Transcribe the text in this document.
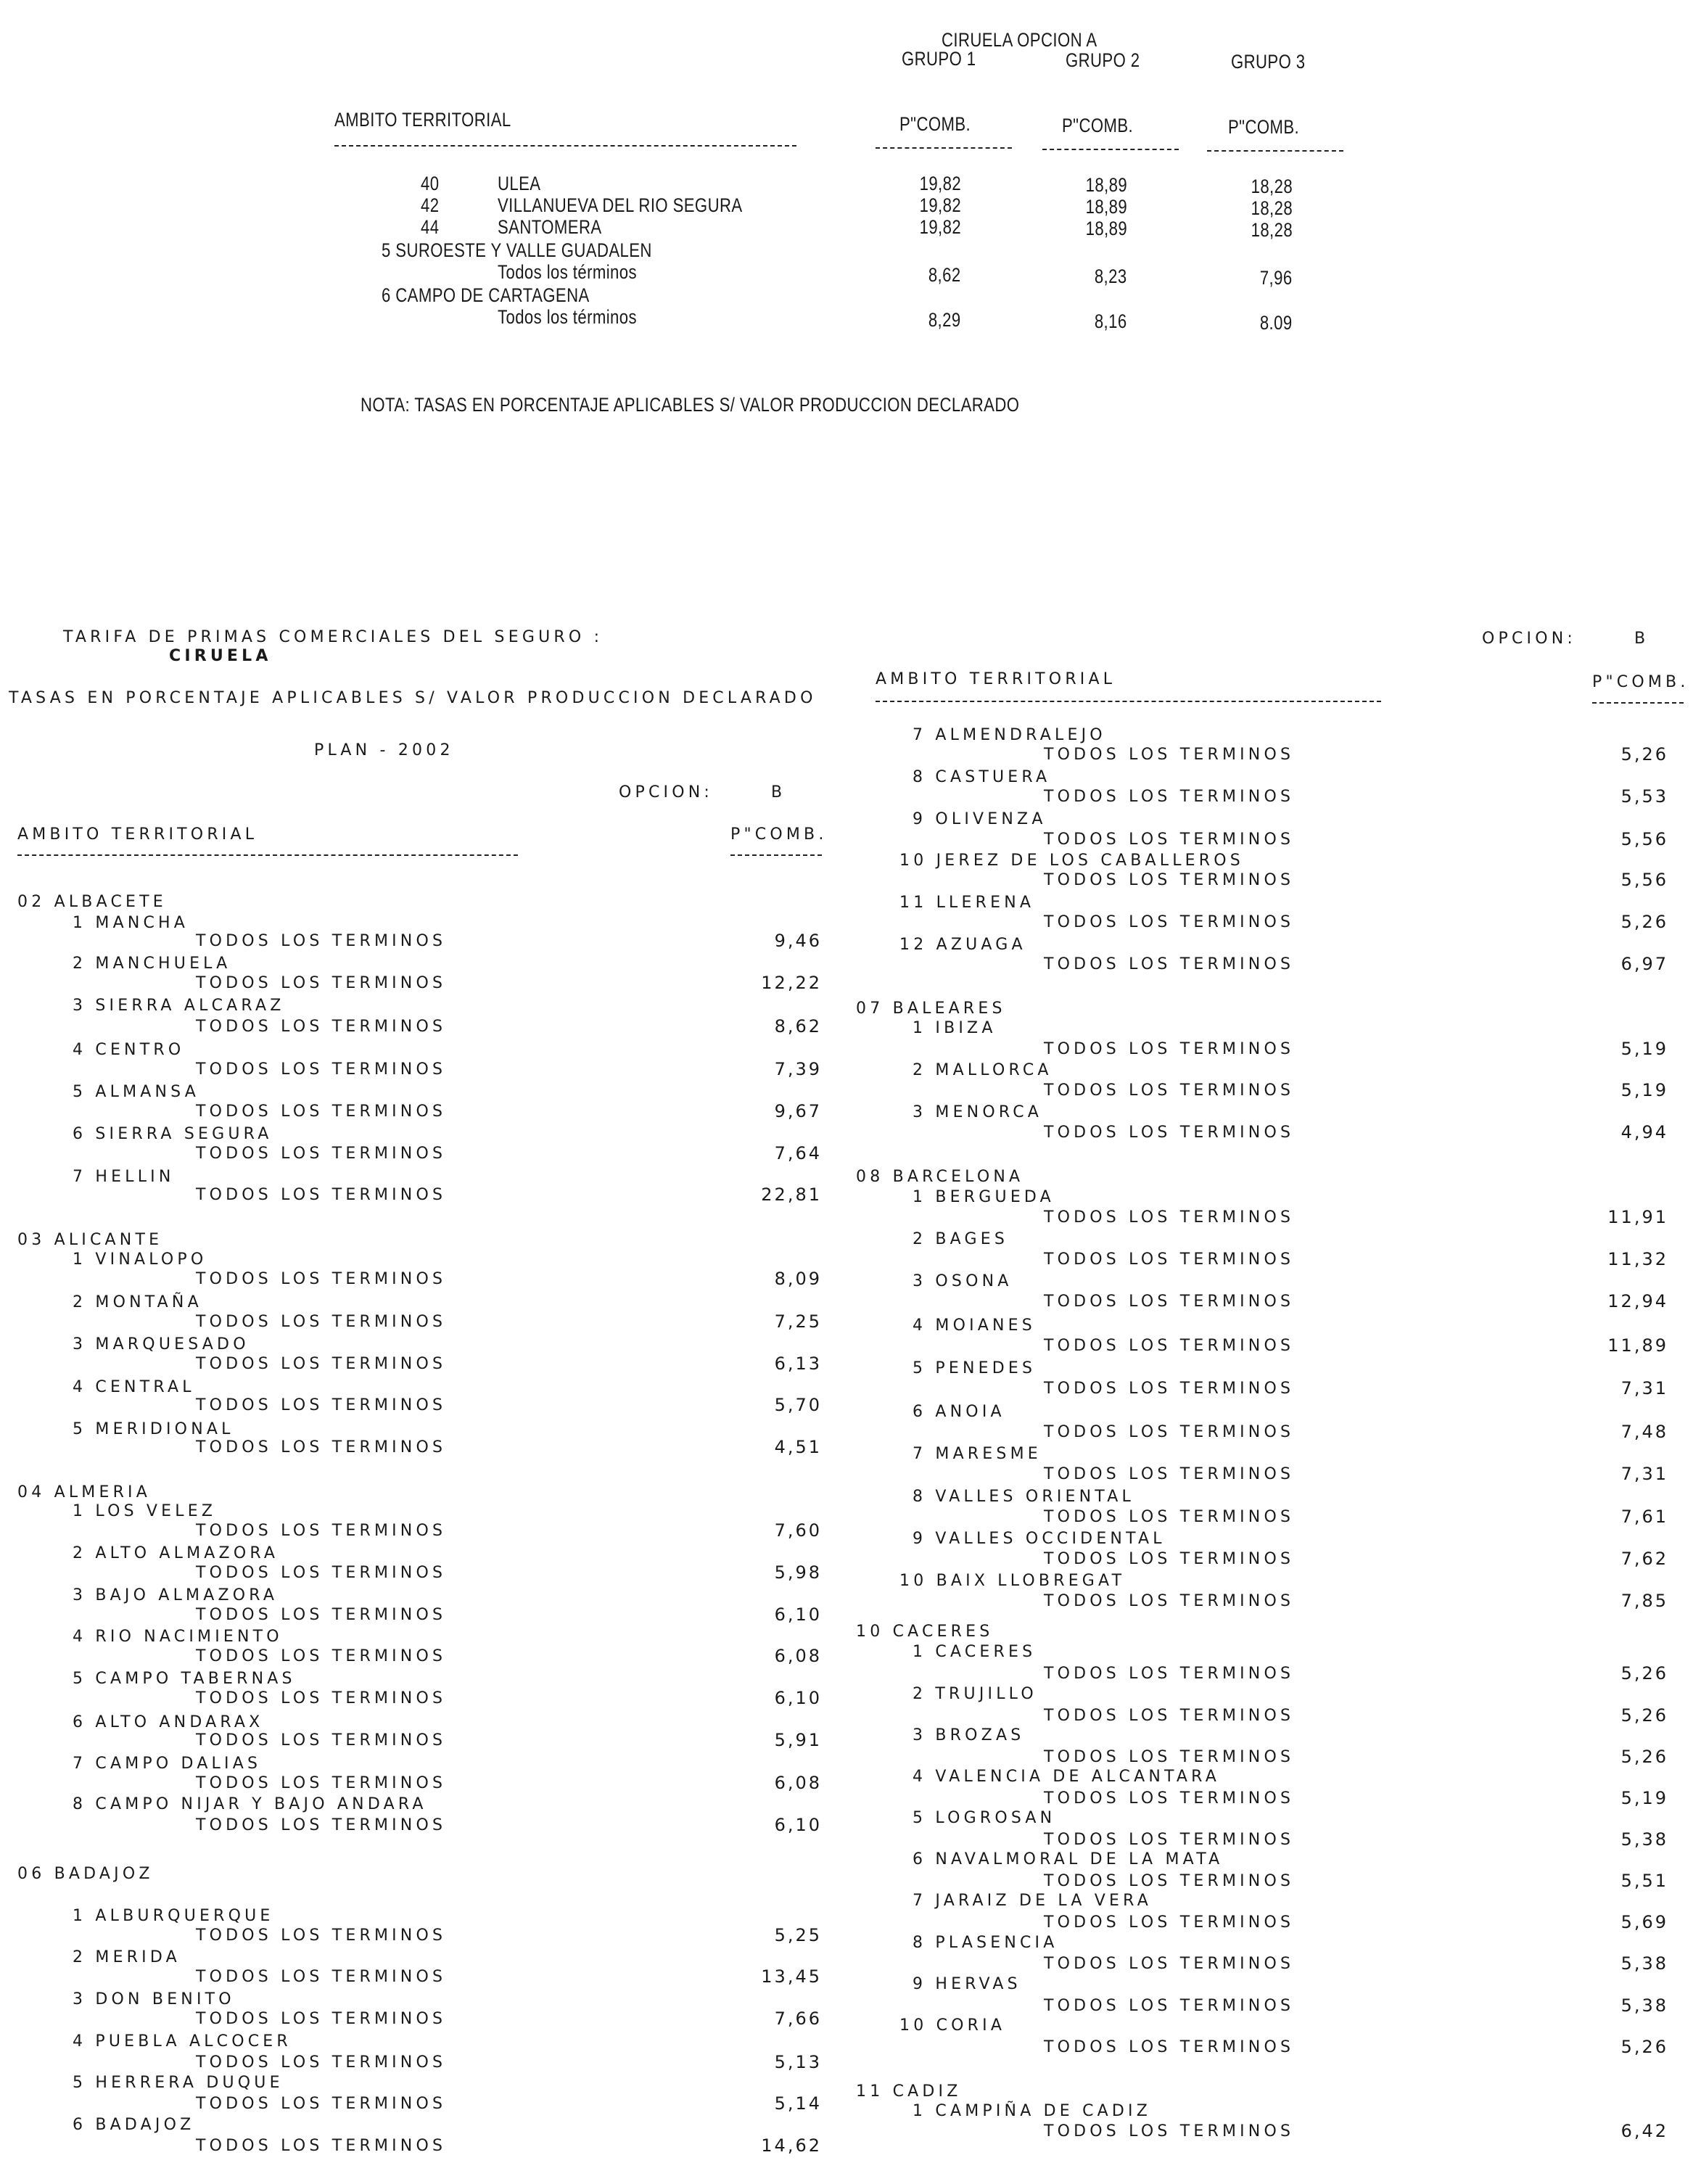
CIRUELA OPCION A
GRUPO 1	GRUPO 2	GRUPO 3
AMBITO TERRITORIAL	P"COMB.	P"COMB.	P"COMB.
40	ULEA	19,82	18,89	18,28
42	VILLANUEVA DEL RIO SEGURA	19,82	18,89	18,28
44	SANTOMERA	19,82	18,89	18,28
5 SUROESTE Y VALLE GUADALEN
Todos los términos	8,62	8,23	7,96
6 CAMPO DE CARTAGENA
Todos los términos	8,29	8,16	8.09
NOTA: TASAS EN PORCENTAJE APLICABLES S/ VALOR PRODUCCION DECLARADO
TARIFA DE PRIMAS COMERCIALES DEL SEGURO :
CIRUELA
TASAS EN PORCENTAJE APLICABLES S/ VALOR PRODUCCION DECLARADO
PLAN - 2002
OPCION:	B
AMBITO TERRITORIAL	P"COMB.
OPCION:	B
AMBITO TERRITORIAL	P"COMB.
02 ALBACETE
1 MANCHA
TODOS LOS TERMINOS	9,46
2 MANCHUELA
TODOS LOS TERMINOS	12,22
3 SIERRA ALCARAZ
TODOS LOS TERMINOS	8,62
4 CENTRO
TODOS LOS TERMINOS	7,39
5 ALMANSA
TODOS LOS TERMINOS	9,67
6 SIERRA SEGURA
TODOS LOS TERMINOS	7,64
7 HELLIN
TODOS LOS TERMINOS	22,81
03 ALICANTE
1 VINALOPO
TODOS LOS TERMINOS	8,09
2 MONTAÑA
TODOS LOS TERMINOS	7,25
3 MARQUESADO
TODOS LOS TERMINOS	6,13
4 CENTRAL
TODOS LOS TERMINOS	5,70
5 MERIDIONAL
TODOS LOS TERMINOS	4,51
04 ALMERIA
1 LOS VELEZ
TODOS LOS TERMINOS	7,60
2 ALTO ALMAZORA
TODOS LOS TERMINOS	5,98
3 BAJO ALMAZORA
TODOS LOS TERMINOS	6,10
4 RIO NACIMIENTO
TODOS LOS TERMINOS	6,08
5 CAMPO TABERNAS
TODOS LOS TERMINOS	6,10
6 ALTO ANDARAX
TODOS LOS TERMINOS	5,91
7 CAMPO DALIAS
TODOS LOS TERMINOS	6,08
8 CAMPO NIJAR Y BAJO ANDARA
TODOS LOS TERMINOS	6,10
06 BADAJOZ
1 ALBURQUERQUE
TODOS LOS TERMINOS	5,25
2 MERIDA
TODOS LOS TERMINOS	13,45
3 DON BENITO
TODOS LOS TERMINOS	7,66
4 PUEBLA ALCOCER
TODOS LOS TERMINOS	5,13
5 HERRERA DUQUE
TODOS LOS TERMINOS	5,14
6 BADAJOZ
TODOS LOS TERMINOS	14,62
7 ALMENDRALEJO
TODOS LOS TERMINOS	5,26
8 CASTUERA
TODOS LOS TERMINOS	5,53
9 OLIVENZA
TODOS LOS TERMINOS	5,56
10 JEREZ DE LOS CABALLEROS
TODOS LOS TERMINOS	5,56
11 LLERENA
TODOS LOS TERMINOS	5,26
12 AZUAGA
TODOS LOS TERMINOS	6,97
07 BALEARES
1 IBIZA
TODOS LOS TERMINOS	5,19
2 MALLORCA
TODOS LOS TERMINOS	5,19
3 MENORCA
TODOS LOS TERMINOS	4,94
08 BARCELONA
1 BERGUEDA
TODOS LOS TERMINOS	11,91
2 BAGES
TODOS LOS TERMINOS	11,32
3 OSONA
TODOS LOS TERMINOS	12,94
4 MOIANES
TODOS LOS TERMINOS	11,89
5 PENEDES
TODOS LOS TERMINOS	7,31
6 ANOIA
TODOS LOS TERMINOS	7,48
7 MARESME
TODOS LOS TERMINOS	7,31
8 VALLES ORIENTAL
TODOS LOS TERMINOS	7,61
9 VALLES OCCIDENTAL
TODOS LOS TERMINOS	7,62
10 BAIX LLOBREGAT
TODOS LOS TERMINOS	7,85
10 CACERES
1 CACERES
TODOS LOS TERMINOS	5,26
2 TRUJILLO
TODOS LOS TERMINOS	5,26
3 BROZAS
TODOS LOS TERMINOS	5,26
4 VALENCIA DE ALCANTARA
TODOS LOS TERMINOS	5,19
5 LOGROSAN
TODOS LOS TERMINOS	5,38
6 NAVALMORAL DE LA MATA
TODOS LOS TERMINOS	5,51
7 JARAIZ DE LA VERA
TODOS LOS TERMINOS	5,69
8 PLASENCIA
TODOS LOS TERMINOS	5,38
9 HERVAS
TODOS LOS TERMINOS	5,38
10 CORIA
TODOS LOS TERMINOS	5,26
11 CADIZ
1 CAMPIÑA DE CADIZ
TODOS LOS TERMINOS	6,42
